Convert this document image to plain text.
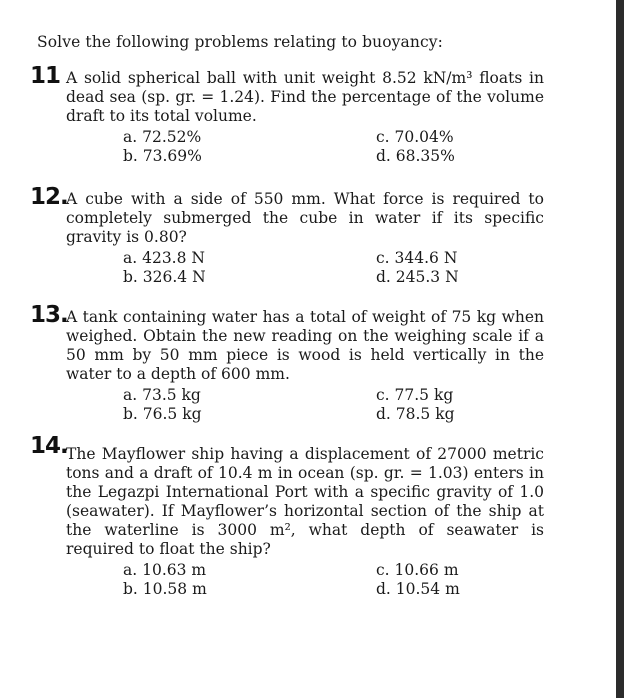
Solve the following problems relating to buoyancy:
11 A solid spherical ball with unit weight 8.52 kN/m³ floats in dead sea (sp. gr. = 1.24). Find the percentage of the volume draft to its total volume.
a. 72.52%	c. 70.04%
b. 73.69%	d. 68.35%
12.
A cube with a side of 550 mm. What force is required to completely submerged the cube in water if its specific gravity is 0.80?
a. 423.8 N	c. 344.6 N
b. 326.4 N	d. 245.3 N
13.
A tank containing water has a total of weight of 75 kg when weighed. Obtain the new reading on the weighing scale if a 50 mm by 50 mm piece is wood is held vertically in the water to a depth of 600 mm.
a. 73.5 kg	c. 77.5 kg
b. 76.5 kg	d. 78.5 kg
14.
The Mayflower ship having a displacement of 27000 metric tons and a draft of 10.4 m in ocean (sp. gr. = 1.03) enters in the Legazpi International Port with a specific gravity of 1.0 (seawater). If Mayflower’s horizontal section of the ship at the waterline is 3000 m², what depth of seawater is required to float the ship?
a. 10.63 m	c. 10.66 m
b. 10.58 m	d. 10.54 m
